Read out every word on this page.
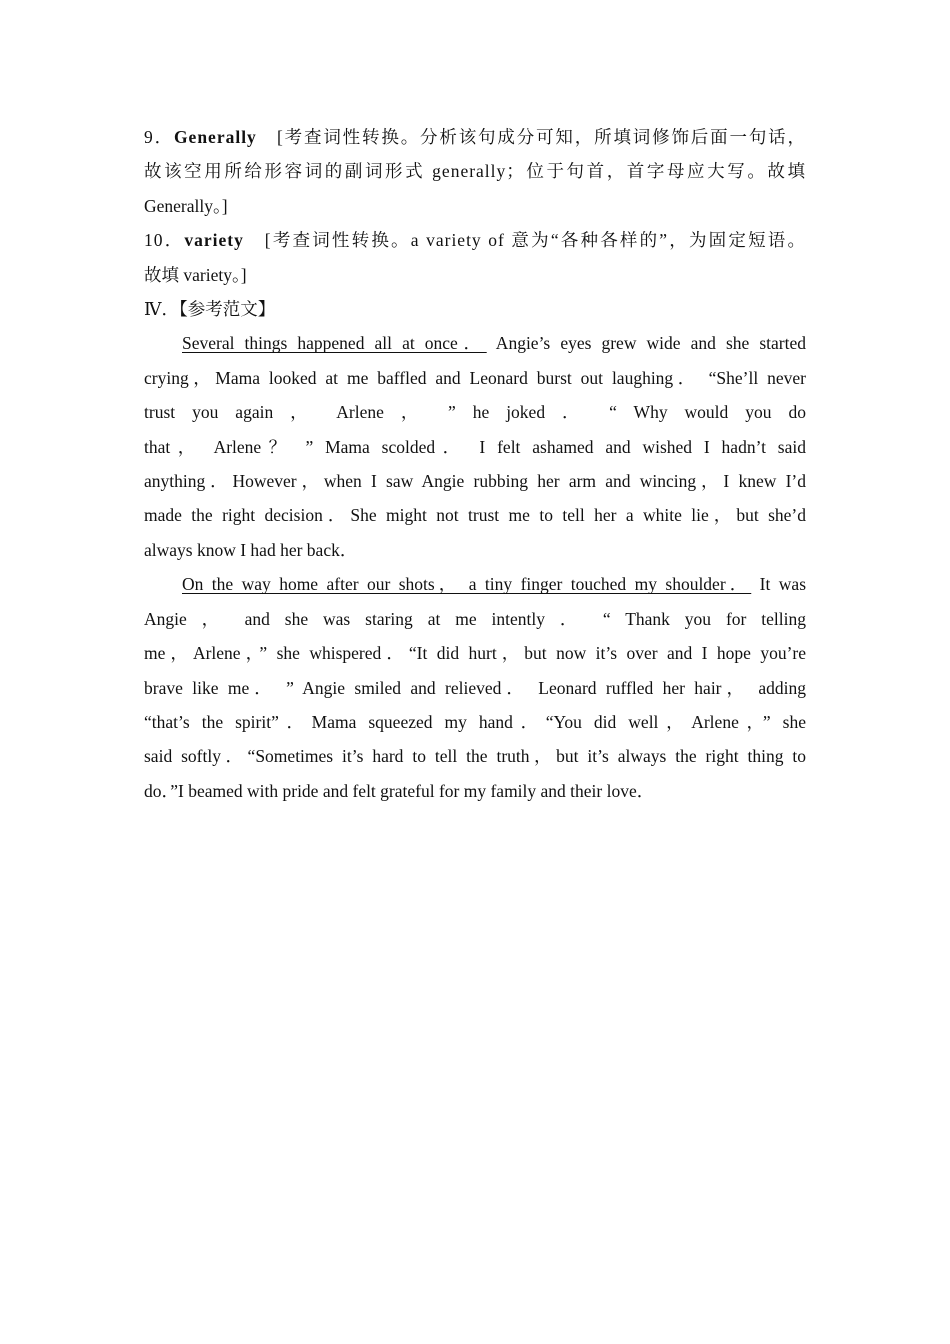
9．Generally　[考查词性转换。分析该句成分可知，所填词修饰后面一句话，
故该空用所给形容词的副词形式 generally；位于句首，首字母应大写。故填
Generally。]
10．variety　[考查词性转换。a variety of 意为“各种各样的”，为固定短语。
故填 variety。]
Ⅳ．【参考范文】
Several things happened all at once． Angie’s eyes grew wide and she started
crying，Mama looked at me baffled and Leonard burst out laughing． “She’ll never
trust you again ， Arlene ， ” he joked ． “ Why would you do
that， Arlene？ ” Mama scolded． I felt ashamed and wished I hadn’t said
anything．However，when I saw Angie rubbing her arm and wincing，I knew I’d
made the right decision．She might not trust me to tell her a white lie，but she’d
always know I had her back．
On the way home after our shots， a tiny finger touched my shoulder． It was
Angie ， and she was staring at me intently ． “ Thank you for telling
me，Arlene，” she whispered．“It did hurt，but now it’s over and I hope you’re
brave like me． ” Angie smiled and relieved． Leonard ruffled her hair， adding
“that’s the spirit”．Mama squeezed my hand．“You did well，Arlene，” she
said softly．“Sometimes it’s hard to tell the truth，but it’s always the right thing to
do．”I beamed with pride and felt grateful for my family and their love．
